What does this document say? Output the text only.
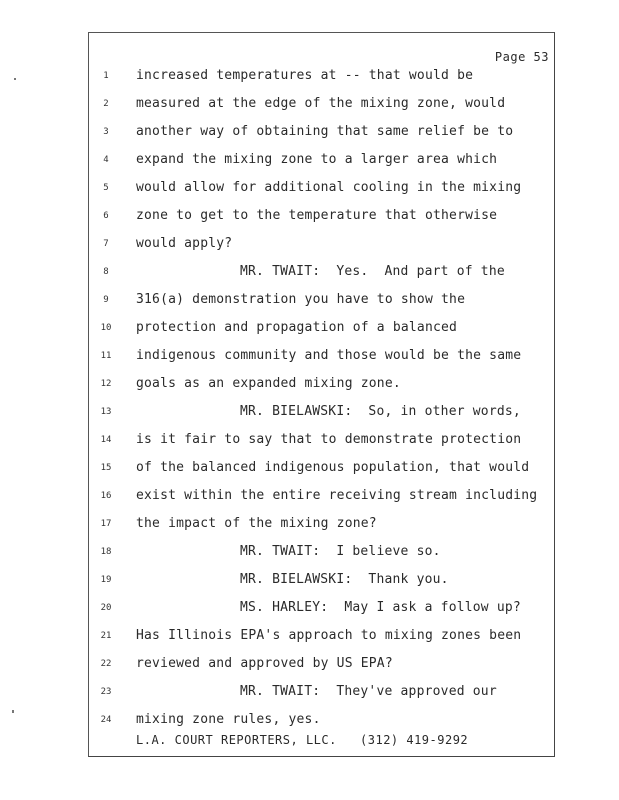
Page 53
1	increased temperatures at -- that would be
2	measured at the edge of the mixing zone, would
3	another way of obtaining that same relief be to
4	expand the mixing zone to a larger area which
5	would allow for additional cooling in the mixing
6	zone to get to the temperature that otherwise
7	would apply?
8	MR. TWAIT:  Yes.  And part of the
9	316(a) demonstration you have to show the
10	protection and propagation of a balanced
11	indigenous community and those would be the same
12	goals as an expanded mixing zone.
13	MR. BIELAWSKI:  So, in other words,
14	is it fair to say that to demonstrate protection
15	of the balanced indigenous population, that would
16	exist within the entire receiving stream including
17	the impact of the mixing zone?
18	MR. TWAIT:  I believe so.
19	MR. BIELAWSKI:  Thank you.
20	MS. HARLEY:  May I ask a follow up?
21	Has Illinois EPA's approach to mixing zones been
22	reviewed and approved by US EPA?
23	MR. TWAIT:  They've approved our
24	mixing zone rules, yes.
L.A. COURT REPORTERS, LLC.   (312) 419-9292
